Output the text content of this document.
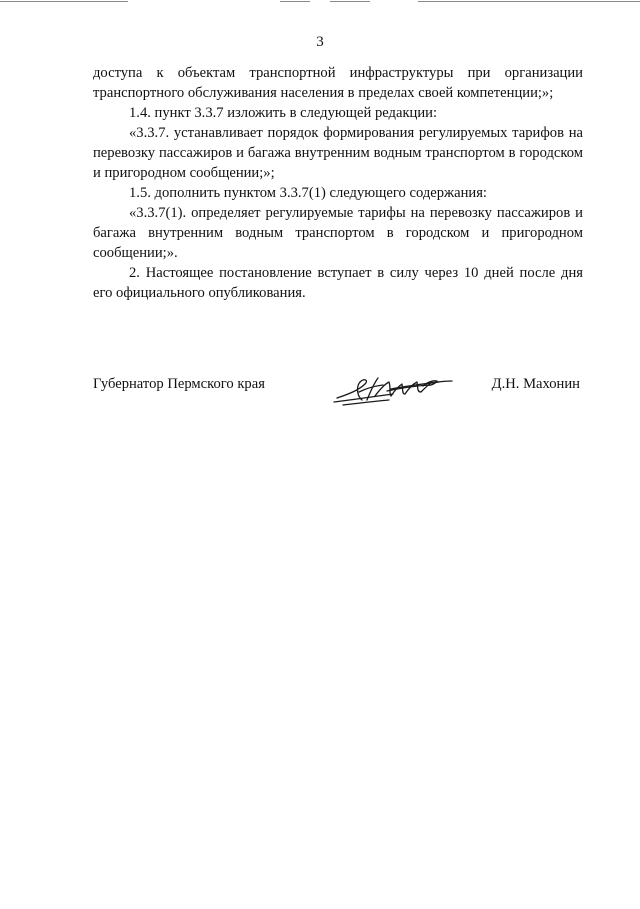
3

доступа к объектам транспортной инфраструктуры при организации транспортного обслуживания населения в пределах своей компетенции;»;

1.4. пункт 3.3.7 изложить в следующей редакции:

«3.3.7. устанавливает порядок формирования регулируемых тарифов на перевозку пассажиров и багажа внутренним водным транспортом в городском и пригородном сообщении;»;

1.5. дополнить пунктом 3.3.7(1) следующего содержания:

«3.3.7(1). определяет регулируемые тарифы на перевозку пассажиров и багажа внутренним водным транспортом в городском и пригородном сообщении;».

2. Настоящее постановление вступает в силу через 10 дней после дня его официального опубликования.

Губернатор Пермского края	Д.Н. Махонин
